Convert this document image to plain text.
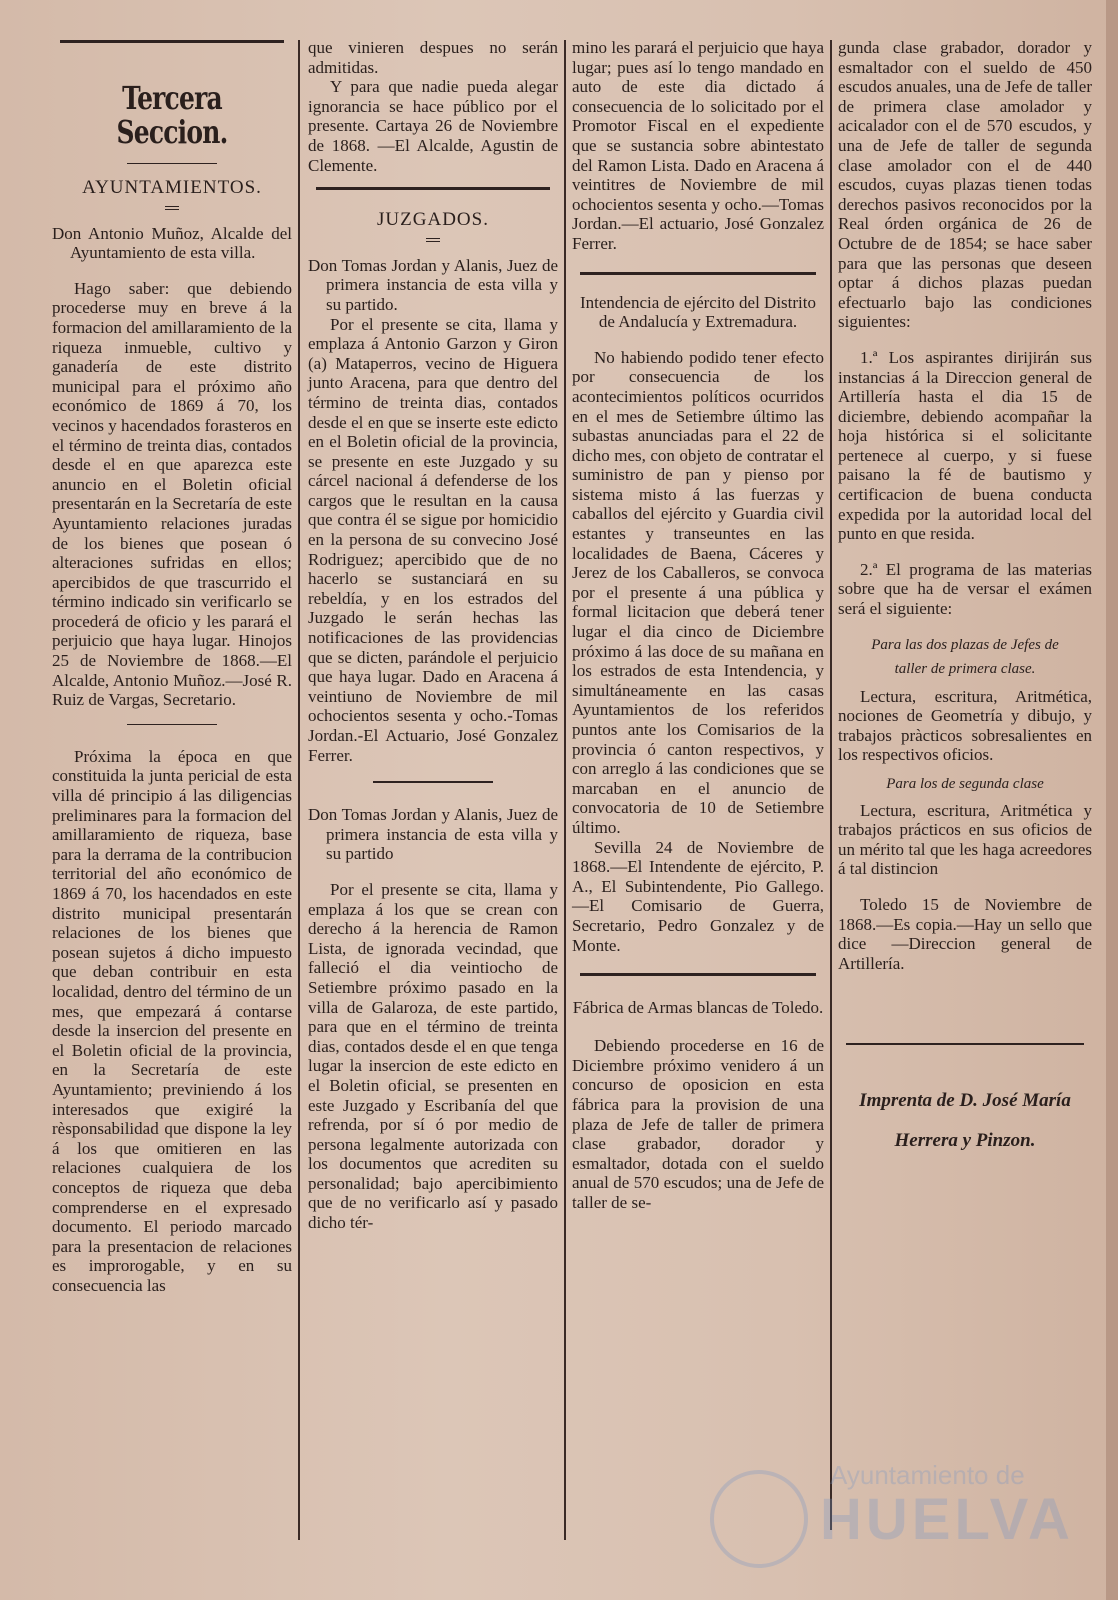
Tercera Seccion.
AYUNTAMIENTOS.

Don Antonio Muñoz, Alcalde del Ayuntamiento de esta villa.

Hago saber: que debiendo procederse muy en breve á la formacion del amillaramiento de la riqueza inmueble, cultivo y ganadería de este distrito municipal para el próximo año económico de 1869 á 70, los vecinos y hacendados forasteros en el término de treinta dias, contados desde el en que aparezca este anuncio en el Boletin oficial presentarán en la Secretaría de este Ayuntamiento relaciones juradas de los bienes que posean ó alteraciones sufridas en ellos; apercibidos de que trascurrido el término indicado sin verificarlo se procederá de oficio y les parará el perjuicio que haya lugar. Hinojos 25 de Noviembre de 1868.—El Alcalde, Antonio Muñoz.—José R. Ruiz de Vargas, Secretario.

Próxima la época en que constituida la junta pericial de esta villa dé principio á las diligencias preliminares para la formacion del amillaramiento de riqueza, base para la derrama de la contribucion territorial del año económico de 1869 á 70, los hacendados en este distrito municipal presentarán relaciones de los bienes que posean sujetos á dicho impuesto que deban contribuir en esta localidad, dentro del término de un mes, que empezará á contarse desde la insercion del presente en el Boletin oficial de la provincia, en la Secretaría de este Ayuntamiento; previniendo á los interesados que exigiré la rèsponsabilidad que dispone la ley á los que omitieren en las relaciones cualquiera de los conceptos de riqueza que deba comprenderse en el expresado documento. El periodo marcado para la presentacion de relaciones es improrogable, y en su consecuencia las

que vinieren despues no serán admitidas.

Y para que nadie pueda alegar ignorancia se hace público por el presente. Cartaya 26 de Noviembre de 1868. —El Alcalde, Agustin de Clemente.

JUZGADOS.

Don Tomas Jordan y Alanis, Juez de primera instancia de esta villa y su partido.

Por el presente se cita, llama y emplaza á Antonio Garzon y Giron (a) Mataperros, vecino de Higuera junto Aracena, para que dentro del término de treinta dias, contados desde el en que se inserte este edicto en el Boletin oficial de la provincia, se presente en este Juzgado y su cárcel nacional á defenderse de los cargos que le resultan en la causa que contra él se sigue por homicidio en la persona de su convecino José Rodriguez; apercibido que de no hacerlo se sustanciará en su rebeldía, y en los estrados del Juzgado le serán hechas las notificaciones de las providencias que se dicten, parándole el perjuicio que haya lugar. Dado en Aracena á veintiuno de Noviembre de mil ochocientos sesenta y ocho.-Tomas Jordan.-El Actuario, José Gonzalez Ferrer.

Don Tomas Jordan y Alanis, Juez de primera instancia de esta villa y su partido

Por el presente se cita, llama y emplaza á los que se crean con derecho á la herencia de Ramon Lista, de ignorada vecindad, que falleció el dia veintiocho de Setiembre próximo pasado en la villa de Galaroza, de este partido, para que en el término de treinta dias, contados desde el en que tenga lugar la insercion de este edicto en el Boletin oficial, se presenten en este Juzgado y Escribanía del que refrenda, por sí ó por medio de persona legalmente autorizada con los documentos que acrediten su personalidad; bajo apercibimiento que de no verificarlo así y pasado dicho tér-

mino les parará el perjuicio que haya lugar; pues así lo tengo mandado en auto de este dia dictado á consecuencia de lo solicitado por el Promotor Fiscal en el expediente que se sustancia sobre abintestato del Ramon Lista. Dado en Aracena á veintitres de Noviembre de mil ochocientos sesenta y ocho.—Tomas Jordan.—El actuario, José Gonzalez Ferrer.

Intendencia de ejército del Distrito de Andalucía y Extremadura.

No habiendo podido tener efecto por consecuencia de los acontecimientos políticos ocurridos en el mes de Setiembre último las subastas anunciadas para el 22 de dicho mes, con objeto de contratar el suministro de pan y pienso por sistema misto á las fuerzas y caballos del ejército y Guardia civil estantes y transeuntes en las localidades de Baena, Cáceres y Jerez de los Caballeros, se convoca por el presente á una pública y formal licitacion que deberá tener lugar el dia cinco de Diciembre próximo á las doce de su mañana en los estrados de esta Intendencia, y simultáneamente en las casas Ayuntamientos de los referidos puntos ante los Comisarios de la provincia ó canton respectivos, y con arreglo á las condiciones que se marcaban en el anuncio de convocatoria de 10 de Setiembre último.

Sevilla 24 de Noviembre de 1868.—El Intendente de ejército, P. A., El Subintendente, Pio Gallego.—El Comisario de Guerra, Secretario, Pedro Gonzalez y de Monte.

Fábrica de Armas blancas de Toledo.

Debiendo procederse en 16 de Diciembre próximo venidero á un concurso de oposicion en esta fábrica para la provision de una plaza de Jefe de taller de primera clase grabador, dorador y esmaltador, dotada con el sueldo anual de 570 escudos; una de Jefe de taller de se-

gunda clase grabador, dorador y esmaltador con el sueldo de 450 escudos anuales, una de Jefe de taller de primera clase amolador y acicalador con el de 570 escudos, y una de Jefe de taller de segunda clase amolador con el de 440 escudos, cuyas plazas tienen todas derechos pasivos reconocidos por la Real órden orgánica de 26 de Octubre de de 1854; se hace saber para que las personas que deseen optar á dichos plazas puedan efectuarlo bajo las condiciones siguientes:

1.ª Los aspirantes dirijirán sus instancias á la Direccion general de Artillería hasta el dia 15 de diciembre, debiendo acompañar la hoja histórica si el solicitante pertenece al cuerpo, y si fuese paisano la fé de bautismo y certificacion de buena conducta expedida por la autoridad local del punto en que resida.

2.ª El programa de las materias sobre que ha de versar el exámen será el siguiente:

Para las dos plazas de Jefes de

taller de primera clase.

Lectura, escritura, Aritmética, nociones de Geometría y dibujo, y trabajos pràcticos sobresalientes en los respectivos oficios.

Para los de segunda clase

Lectura, escritura, Aritmética y trabajos prácticos en sus oficios de un mérito tal que les haga acreedores á tal distincion

Toledo 15 de Noviembre de 1868.—Es copia.—Hay un sello que dice —Direccion general de Artillería.

Imprenta de D. José María

Herrera y Pinzon.

Ayuntamiento de
HUELVA
